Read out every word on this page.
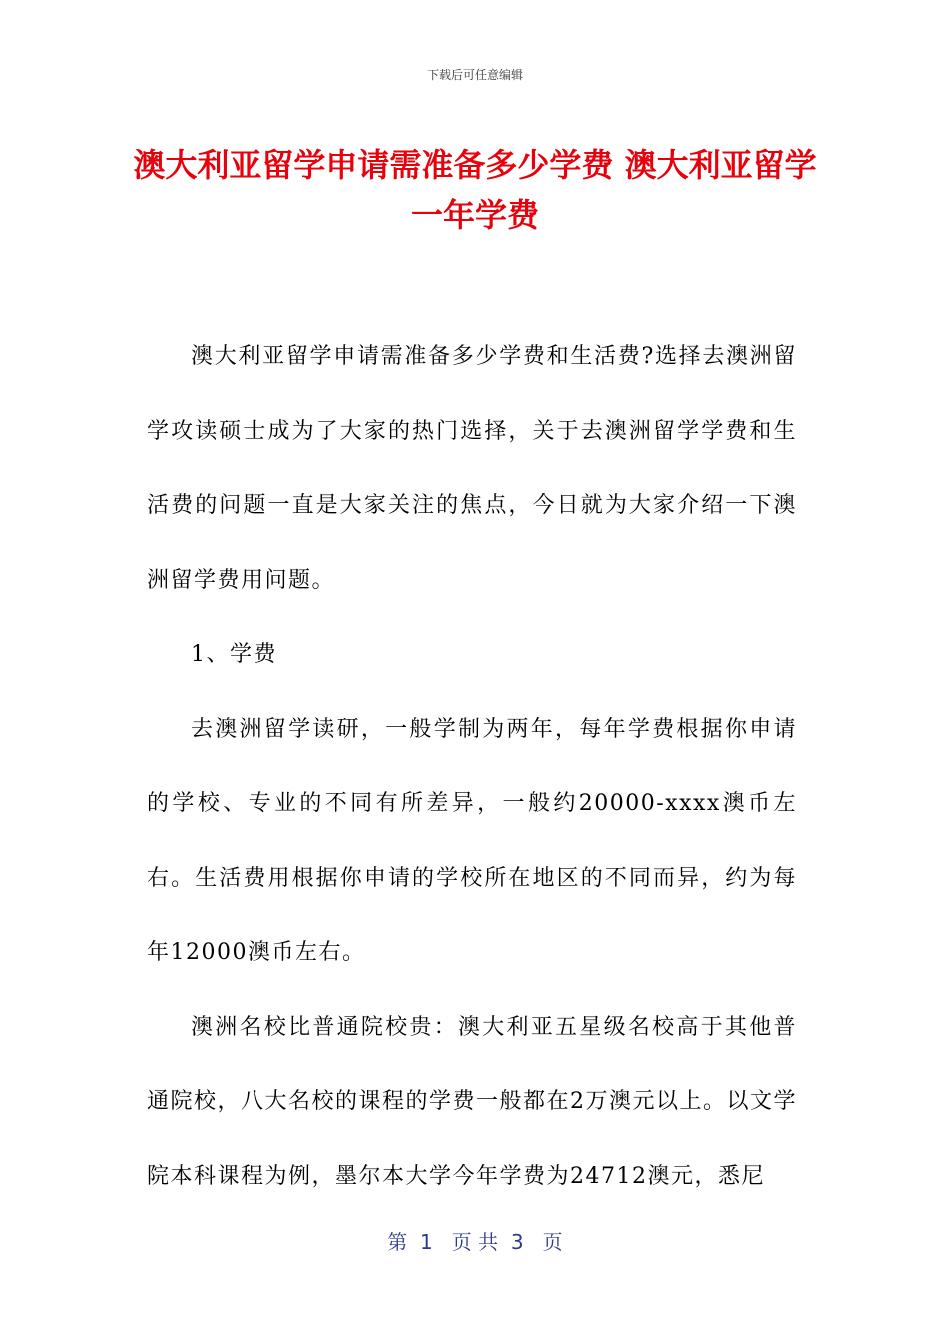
下载后可任意编辑
澳大利亚留学申请需准备多少学费 澳大利亚留学一年学费

澳大利亚留学申请需准备多少学费和生活费?选择去澳洲留学攻读硕士成为了大家的热门选择，关于去澳洲留学学费和生活费的问题一直是大家关注的焦点，今日就为大家介绍一下澳洲留学费用问题。

1、学费

去澳洲留学读研，一般学制为两年，每年学费根据你申请的学校、专业的不同有所差异，一般约20000-xxxx澳币左右。生活费用根据你申请的学校所在地区的不同而异，约为每年12000澳币左右。

澳洲名校比普通院校贵：澳大利亚五星级名校高于其他普通院校，八大名校的课程的学费一般都在2万澳元以上。以文学院本科课程为例，墨尔本大学今年学费为24712澳元，悉尼

第  1   页 共  3   页
